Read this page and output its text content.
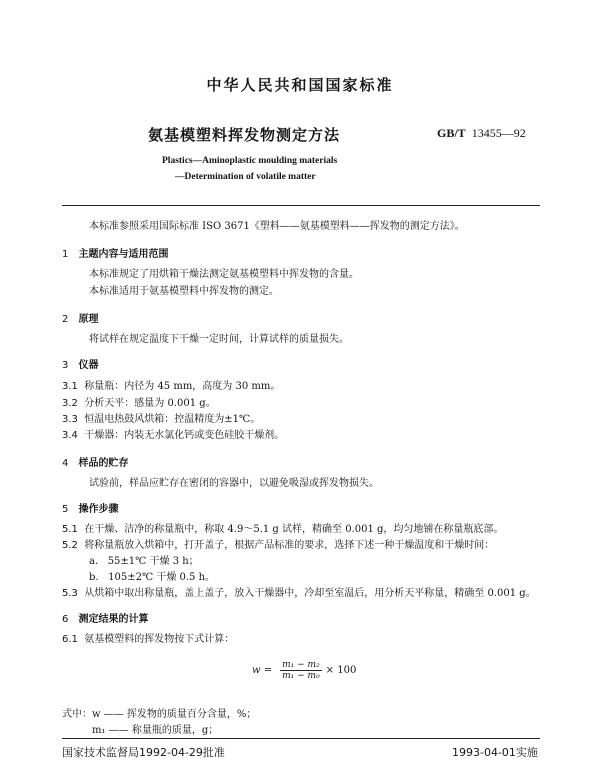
中华人民共和国国家标准
氨基模塑料挥发物测定方法	GB/T 13455—92
Plastics—Aminoplastic moulding materials
—Determination of volatile matter
本标准参照采用国际标准 ISO 3671《塑料——氨基模塑料——挥发物的测定方法》。
1 主题内容与适用范围
本标准规定了用烘箱干燥法测定氨基模塑料中挥发物的含量。
本标准适用于氨基模塑料中挥发物的测定。
2 原理
将试样在规定温度下干燥一定时间，计算试样的质量损失。
3 仪器
3.1 称量瓶：内径为 45 mm，高度为 30 mm。
3.2 分析天平：感量为 0.001 g。
3.3 恒温电热鼓风烘箱：控温精度为±1℃。
3.4 干燥器：内装无水氯化钙或变色硅胶干燥剂。
4 样品的贮存
试验前，样品应贮存在密闭的容器中，以避免吸湿或挥发物损失。
5 操作步骤
5.1 在干燥、洁净的称量瓶中，称取 4.9～5.1 g 试样，精确至 0.001 g，均匀地铺在称量瓶底部。
5.2 将称量瓶放入烘箱中，打开盖子，根据产品标准的要求，选择下述一种干燥温度和干燥时间：
a. 55±1℃ 干燥 3 h；
b. 105±2℃ 干燥 0.5 h。
5.3 从烘箱中取出称量瓶，盖上盖子，放入干燥器中，冷却至室温后，用分析天平称量，精确至 0.001 g。
6 测定结果的计算
6.1 氨基模塑料的挥发物按下式计算：
$w = \frac{\text{m₁ − m₂}}{\text{m₁ − m₀}} \times 100$
式中：w —— 挥发物的质量百分含量，%；
m₁ —— 称量瓶的质量，g；
国家技术监督局1992-04-29批准	1993-04-01实施
